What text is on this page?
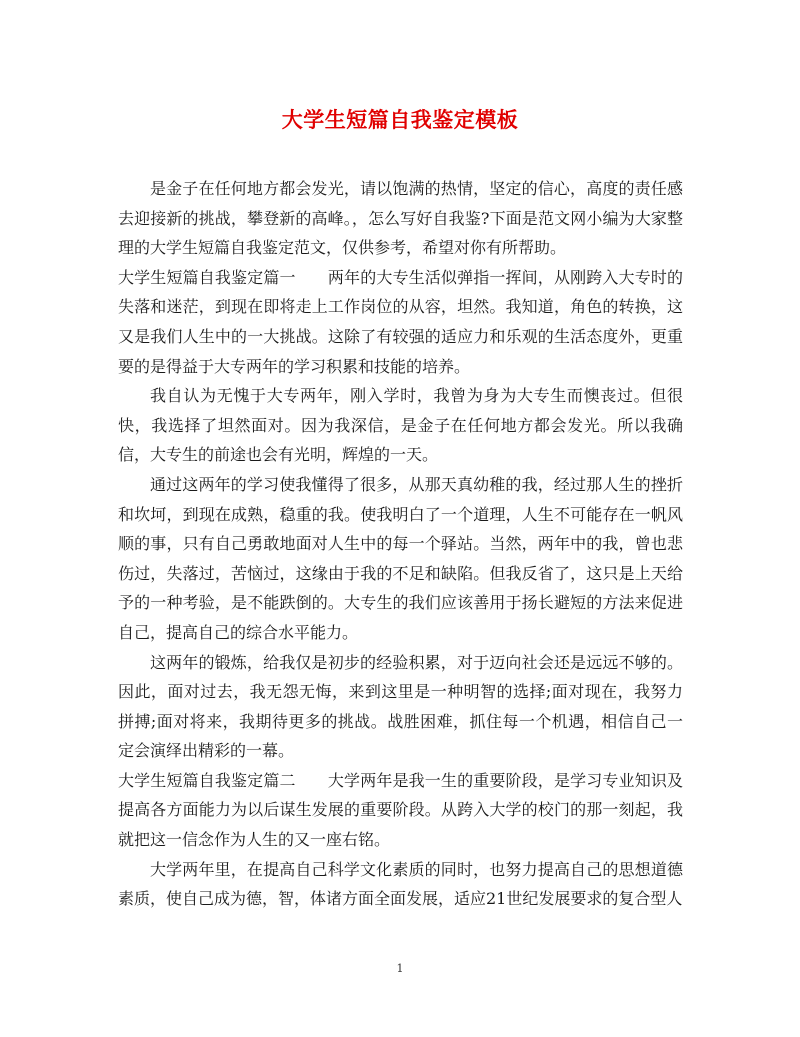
大学生短篇自我鉴定模板

是金子在任何地方都会发光，请以饱满的热情，坚定的信心，高度的责任感去迎接新的挑战，攀登新的高峰。，怎么写好自我鉴?下面是范文网小编为大家整理的大学生短篇自我鉴定范文，仅供参考，希望对你有所帮助。

大学生短篇自我鉴定篇一　　两年的大专生活似弹指一挥间，从刚跨入大专时的失落和迷茫，到现在即将走上工作岗位的从容，坦然。我知道，角色的转换，这又是我们人生中的一大挑战。这除了有较强的适应力和乐观的生活态度外，更重要的是得益于大专两年的学习积累和技能的培养。

我自认为无愧于大专两年，刚入学时，我曾为身为大专生而懊丧过。但很快，我选择了坦然面对。因为我深信，是金子在任何地方都会发光。所以我确信，大专生的前途也会有光明，辉煌的一天。

通过这两年的学习使我懂得了很多，从那天真幼稚的我，经过那人生的挫折和坎坷，到现在成熟，稳重的我。使我明白了一个道理，人生不可能存在一帆风顺的事，只有自己勇敢地面对人生中的每一个驿站。当然，两年中的我，曾也悲伤过，失落过，苦恼过，这缘由于我的不足和缺陷。但我反省了，这只是上天给予的一种考验，是不能跌倒的。大专生的我们应该善用于扬长避短的方法来促进自己，提高自己的综合水平能力。

这两年的锻炼，给我仅是初步的经验积累，对于迈向社会还是远远不够的。因此，面对过去，我无怨无悔，来到这里是一种明智的选择;面对现在，我努力拼搏;面对将来，我期待更多的挑战。战胜困难，抓住每一个机遇，相信自己一定会演绎出精彩的一幕。

大学生短篇自我鉴定篇二　　大学两年是我一生的重要阶段，是学习专业知识及提高各方面能力为以后谋生发展的重要阶段。从跨入大学的校门的那一刻起，我就把这一信念作为人生的又一座右铭。

大学两年里，在提高自己科学文化素质的同时，也努力提高自己的思想道德素质，使自己成为德，智，体诸方面全面发展，适应21世纪发展要求的复合型人

1
